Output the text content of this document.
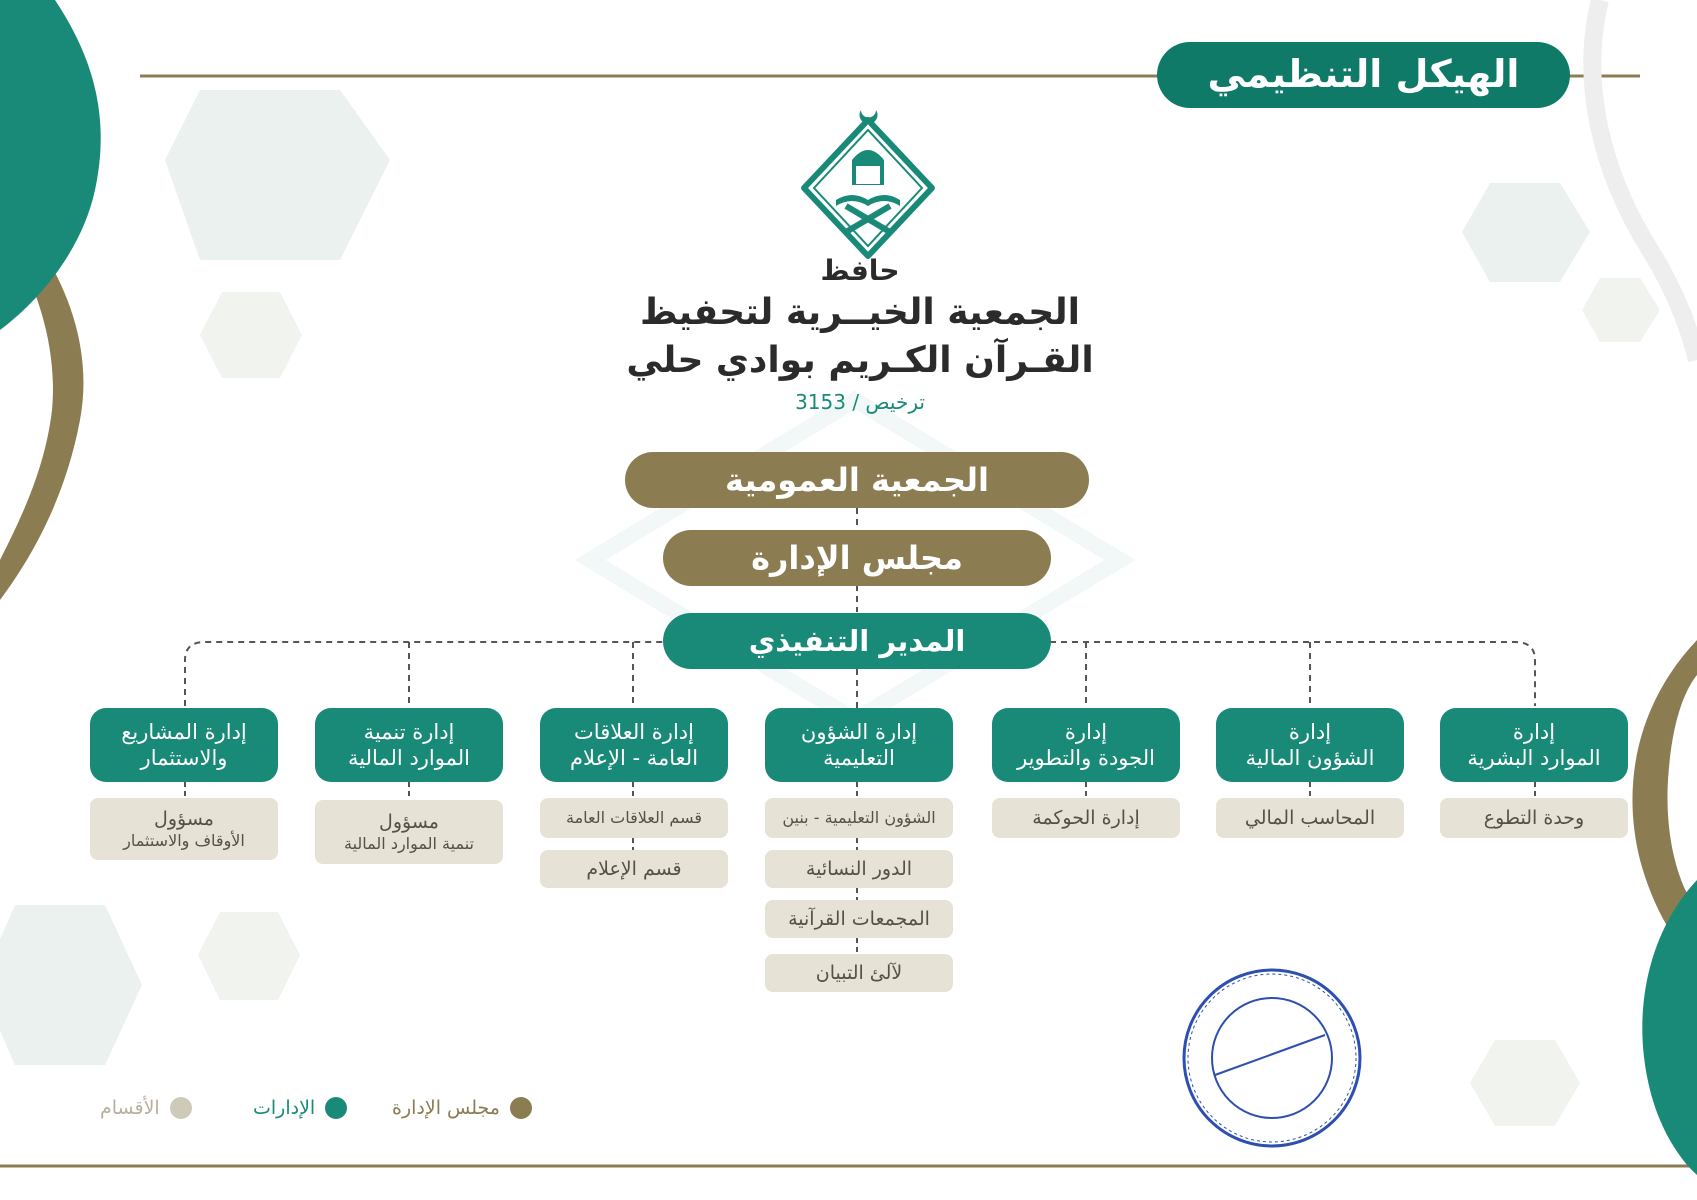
الهيكل التنظيمي
حافظ
الجمعية الخيــرية لتحفيظ
القـرآن الكـريم بوادي حلي
ترخيص / 3153
الجمعية العمومية
مجلس الإدارة
المدير التنفيذي
إدارة
الموارد البشرية
إدارة
الشؤون المالية
إدارة
الجودة والتطوير
إدارة الشؤون
التعليمية
إدارة العلاقات
العامة - الإعلام
إدارة تنمية
الموارد المالية
إدارة المشاريع
والاستثمار
وحدة التطوع
المحاسب المالي
إدارة الحوكمة
الشؤون التعليمية - بنين
الدور النسائية
المجمعات القرآنية
لآلئ التبيان
قسم العلاقات العامة
قسم الإعلام
مسؤول
تنمية الموارد المالية
مسؤول
الأوقاف والاستثمار
مجلس الإدارة
الإدارات
الأقسام
